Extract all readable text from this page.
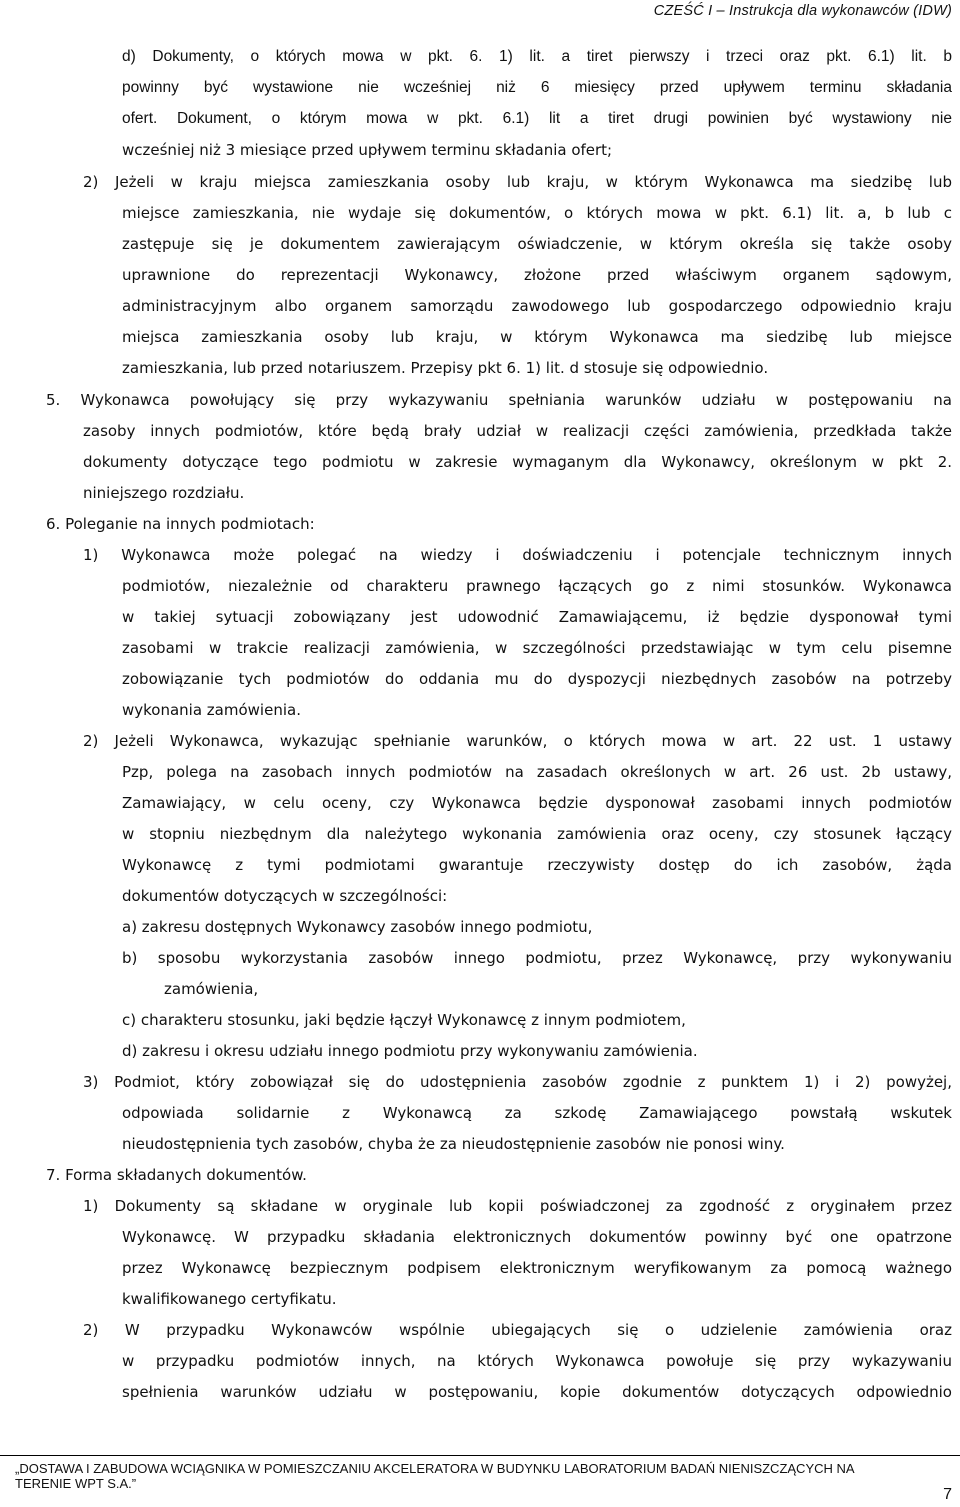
CZEŚĆ I – Instrukcja dla wykonawców (IDW)
d) Dokumenty, o których mowa w pkt. 6. 1) lit. a tiret pierwszy i trzeci oraz pkt. 6.1) lit. b
powinny być wystawione nie wcześniej niż 6 miesięcy przed upływem terminu składania
ofert. Dokument, o którym mowa w pkt. 6.1) lit a tiret drugi powinien być wystawiony nie
wcześniej niż 3 miesiące przed upływem terminu składania ofert;
2) Jeżeli w kraju miejsca zamieszkania osoby lub kraju, w którym Wykonawca ma siedzibę lub
miejsce zamieszkania, nie wydaje się dokumentów, o których mowa w pkt. 6.1) lit. a, b lub c
zastępuje się je dokumentem zawierającym oświadczenie, w którym określa się także osoby
uprawnione do reprezentacji Wykonawcy, złożone przed właściwym organem sądowym,
administracyjnym albo organem samorządu zawodowego lub gospodarczego odpowiednio kraju
miejsca zamieszkania osoby lub kraju, w którym Wykonawca ma siedzibę lub miejsce
zamieszkania, lub przed notariuszem. Przepisy pkt 6. 1) lit. d stosuje się odpowiednio.
5. Wykonawca powołujący się przy wykazywaniu spełniania warunków udziału w postępowaniu na
zasoby innych podmiotów, które będą brały udział w realizacji części zamówienia, przedkłada także
dokumenty dotyczące tego podmiotu w zakresie wymaganym dla Wykonawcy, określonym w pkt 2.
niniejszego rozdziału.
6. Poleganie na innych podmiotach:
1) Wykonawca może polegać na wiedzy i doświadczeniu i potencjale technicznym innych
podmiotów, niezależnie od charakteru prawnego łączących go z nimi stosunków. Wykonawca
w takiej sytuacji zobowiązany jest udowodnić Zamawiającemu, iż będzie dysponował tymi
zasobami w trakcie realizacji zamówienia, w szczególności przedstawiając w tym celu pisemne
zobowiązanie tych podmiotów do oddania mu do dyspozycji niezbędnych zasobów na potrzeby
wykonania zamówienia.
2) Jeżeli Wykonawca, wykazując spełnianie warunków, o których mowa w art. 22 ust. 1 ustawy
Pzp, polega na zasobach innych podmiotów na zasadach określonych w art. 26 ust. 2b ustawy,
Zamawiający, w celu oceny, czy Wykonawca będzie dysponował zasobami innych podmiotów
w stopniu niezbędnym dla należytego wykonania zamówienia oraz oceny, czy stosunek łączący
Wykonawcę z tymi podmiotami gwarantuje rzeczywisty dostęp do ich zasobów, żąda
dokumentów dotyczących w szczególności:
a) zakresu dostępnych Wykonawcy zasobów innego podmiotu,
b) sposobu wykorzystania zasobów innego podmiotu, przez Wykonawcę, przy wykonywaniu
zamówienia,
c) charakteru stosunku, jaki będzie łączył Wykonawcę z innym podmiotem,
d) zakresu i okresu udziału innego podmiotu przy wykonywaniu zamówienia.
3) Podmiot, który zobowiązał się do udostępnienia zasobów zgodnie z punktem 1) i 2) powyżej,
odpowiada solidarnie z Wykonawcą za szkodę Zamawiającego powstałą wskutek
nieudostępnienia tych zasobów, chyba że za nieudostępnienie zasobów nie ponosi winy.
7. Forma składanych dokumentów.
1) Dokumenty są składane w oryginale lub kopii poświadczonej za zgodność z oryginałem przez
Wykonawcę. W przypadku składania elektronicznych dokumentów powinny być one opatrzone
przez Wykonawcę bezpiecznym podpisem elektronicznym weryfikowanym za pomocą ważnego
kwalifikowanego certyfikatu.
2) W przypadku Wykonawców wspólnie ubiegających się o udzielenie zamówienia oraz
w przypadku podmiotów innych, na których Wykonawca powołuje się przy wykazywaniu
spełnienia warunków udziału w postępowaniu, kopie dokumentów dotyczących odpowiednio
„DOSTAWA I ZABUDOWA WCIĄGNIKA W POMIESZCZANIU AKCELERATORA W BUDYNKU LABORATORIUM BADAŃ NIENISZCZĄCYCH NA
TERENIE WPT S.A.”
7
